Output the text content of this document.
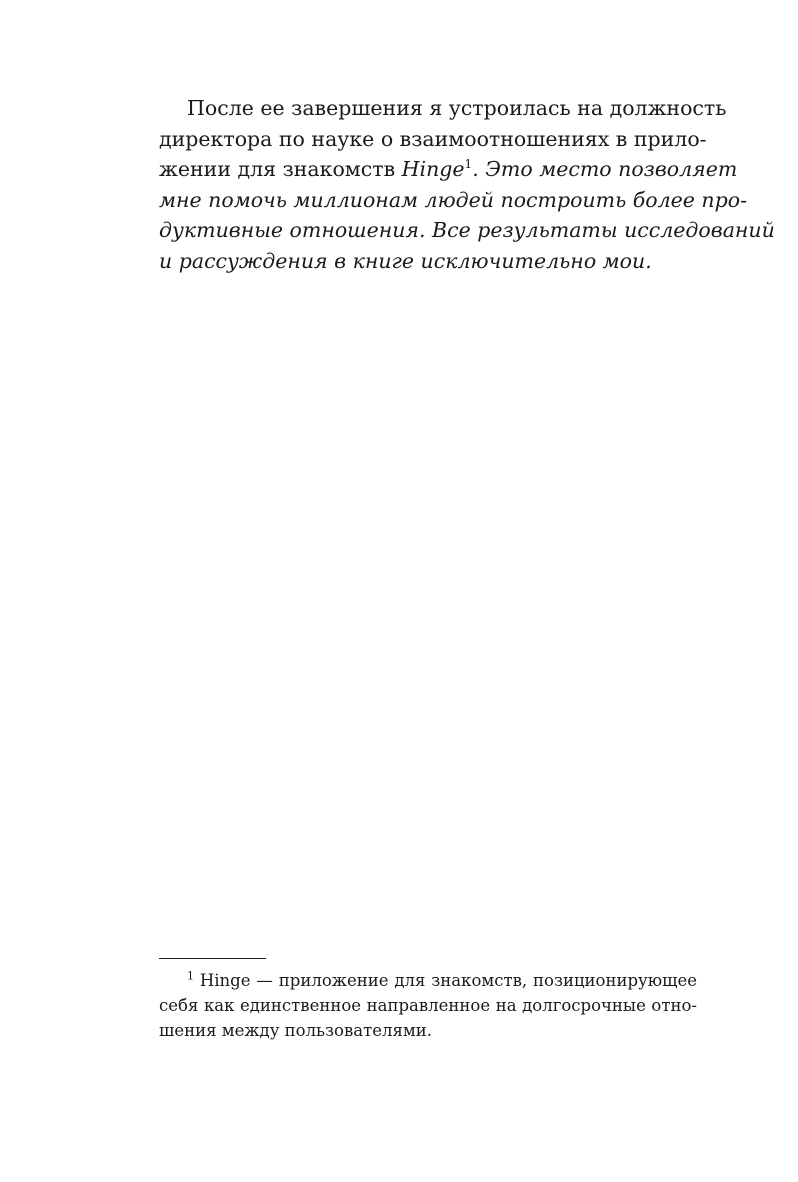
После ее завершения я устроилась на должность
директора по науке о взаимоотношениях в прило-
жении для знакомств Hinge$^1$. Это место позволяет
мне помочь миллионам людей построить более про-
дуктивные отношения. Все результаты исследований
и рассуждения в книге исключительно мои.
$^1$ Hinge — приложение для знакомств, позиционирующее
себя как единственное направленное на долгосрочные отно-
шения между пользователями.
